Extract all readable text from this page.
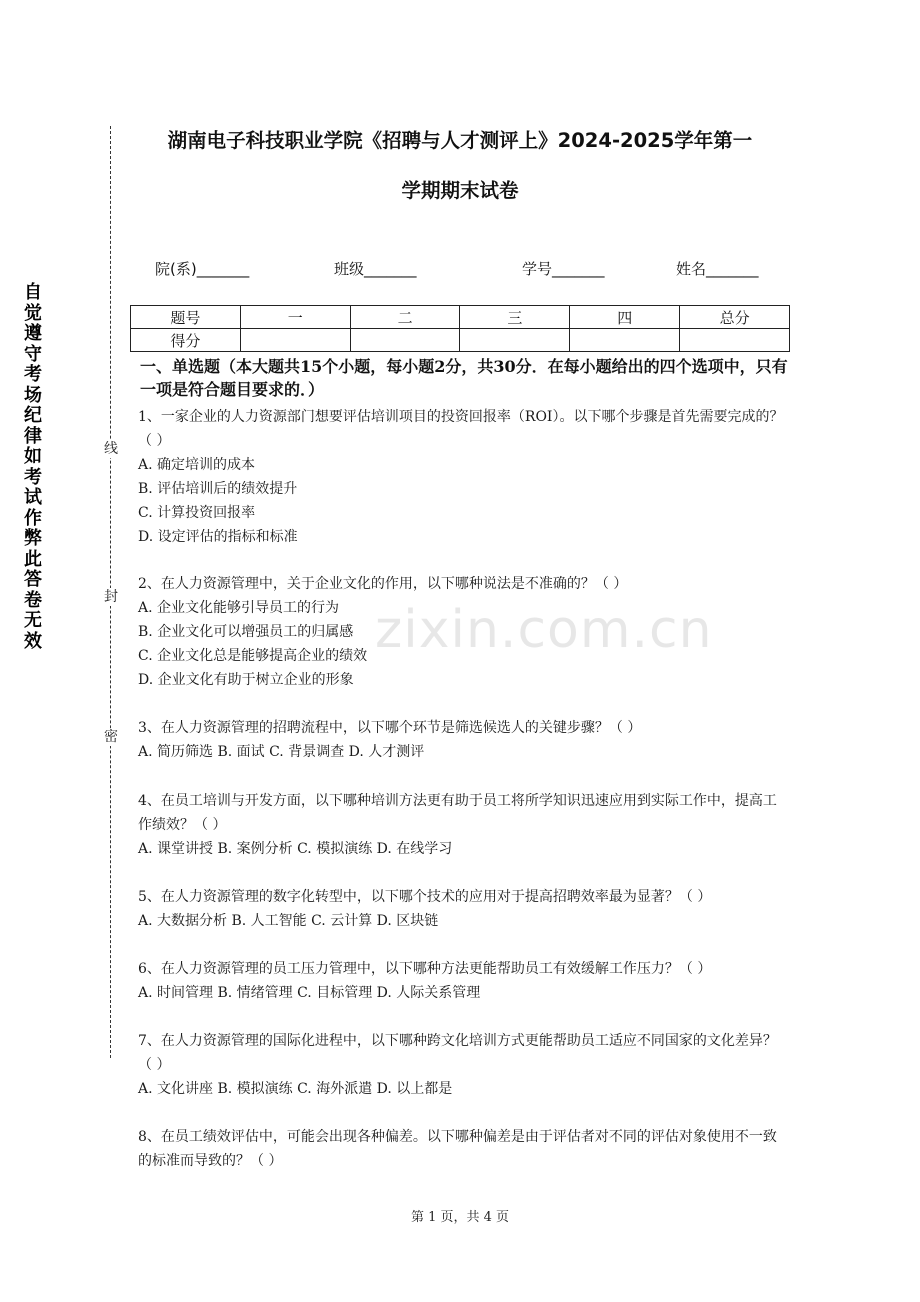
自觉遵守考场纪律如考试作弊此答卷无效
线
封
密
湖南电子科技职业学院《招聘与人才测评上》2024-2025学年第一
学期期末试卷
院(系)_______	班级_______	学号_______	姓名_______
题号	一	二	三	四	总分
得分					
一、单选题（本大题共15个小题，每小题2分，共30分．在每小题给出的四个选项中，只有一项是符合题目要求的．）

1、一家企业的人力资源部门想要评估培训项目的投资回报率（ROI）。以下哪个步骤是首先需要完成的？（ ）

A. 确定培训的成本

B. 评估培训后的绩效提升

C. 计算投资回报率

D. 设定评估的指标和标准

2、在人力资源管理中，关于企业文化的作用，以下哪种说法是不准确的？（ ）

A. 企业文化能够引导员工的行为

B. 企业文化可以增强员工的归属感

C. 企业文化总是能够提高企业的绩效

D. 企业文化有助于树立企业的形象

3、在人力资源管理的招聘流程中，以下哪个环节是筛选候选人的关键步骤？（ ）

A. 简历筛选 B. 面试 C. 背景调查 D. 人才测评

4、在员工培训与开发方面，以下哪种培训方法更有助于员工将所学知识迅速应用到实际工作中，提高工作绩效？（ ）

A. 课堂讲授 B. 案例分析 C. 模拟演练 D. 在线学习

5、在人力资源管理的数字化转型中，以下哪个技术的应用对于提高招聘效率最为显著？（ ）

A. 大数据分析 B. 人工智能 C. 云计算 D. 区块链

6、在人力资源管理的员工压力管理中，以下哪种方法更能帮助员工有效缓解工作压力？（ ）

A. 时间管理 B. 情绪管理 C. 目标管理 D. 人际关系管理

7、在人力资源管理的国际化进程中，以下哪种跨文化培训方式更能帮助员工适应不同国家的文化差异？（ ）

A. 文化讲座 B. 模拟演练 C. 海外派遣 D. 以上都是

8、在员工绩效评估中，可能会出现各种偏差。以下哪种偏差是由于评估者对不同的评估对象使用不一致的标准而导致的？（ ）

zixin.com.cn
第 1 页，共 4 页
